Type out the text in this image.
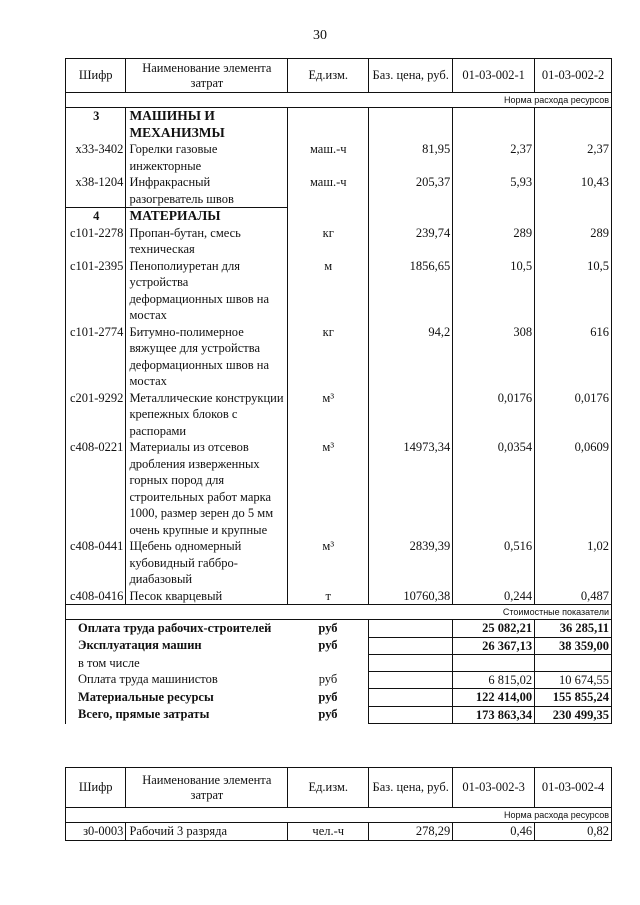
30
Шифр	Наименование элемента затрат	Ед.изм.	Баз. цена, руб.	01-03-002-1	01-03-002-2
Норма расхода ресурсов					
3	МАШИНЫ И МЕХАНИЗМЫ				
х33-3402	Горелки газовые инжекторные	маш.-ч	81,95	2,37	2,37
х38-1204	Инфракрасный разогреватель швов	маш.-ч	205,37	5,93	10,43
4	МАТЕРИАЛЫ				
с101-2278	Пропан-бутан, смесь техническая	кг	239,74	289	289
с101-2395	Пенополиуретан для устройства деформационных швов на мостах	м	1856,65	10,5	10,5
с101-2774	Битумно-полимерное вяжущее для устройства деформационных швов на мостах	кг	94,2	308	616
с201-9292	Металлические конструкции крепежных блоков с распорами	м³		0,0176	0,0176
с408-0221	Материалы из отсевов дробления изверженных горных пород для строительных работ марка 1000, размер зерен до 5 мм очень крупные и крупные	м³	14973,34	0,0354	0,0609
с408-0441	Щебень одномерный кубовидный габбро-диабазовый	м³	2839,39	0,516	1,02
с408-0416	Песок кварцевый	т	10760,38	0,244	0,487
Стоимостные показатели					
Оплата труда рабочих-строителей		руб		25 082,21	36 285,11
Эксплуатация машин		руб		26 367,13	38 359,00
в том числе					
Оплата труда машинистов		руб		6 815,02	10 674,55
Материальные ресурсы		руб		122 414,00	155 855,24
Всего, прямые затраты		руб		173 863,34	230 499,35
Шифр	Наименование элемента затрат	Ед.изм.	Баз. цена, руб.	01-03-002-3	01-03-002-4
Норма расхода ресурсов					
з0-0003	Рабочий 3 разряда	чел.-ч	278,29	0,46	0,82
